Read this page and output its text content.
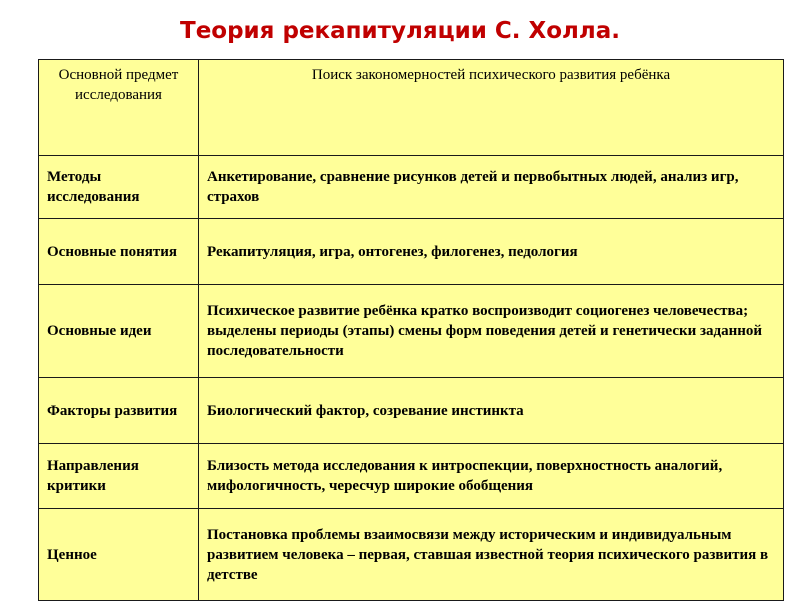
Теория рекапитуляции С. Холла.
Основной предмет исследования	Поиск закономерностей психического развития ребёнка
Методы исследования	Анкетирование, сравнение рисунков детей и первобытных людей, анализ игр, страхов
Основные понятия	Рекапитуляция, игра, онтогенез, филогенез, педология
Основные идеи	Психическое развитие ребёнка кратко воспроизводит социогенез человечества; выделены периоды (этапы) смены форм поведения детей и генетически заданной последовательности
Факторы развития	Биологический фактор, созревание инстинкта
Направления критики	Близость метода исследования к интроспекции, поверхностность аналогий, мифологичность, чересчур широкие обобщения
Ценное	Постановка проблемы взаимосвязи между историческим и индивидуальным развитием человека – первая, ставшая известной теория психического развития в детстве
